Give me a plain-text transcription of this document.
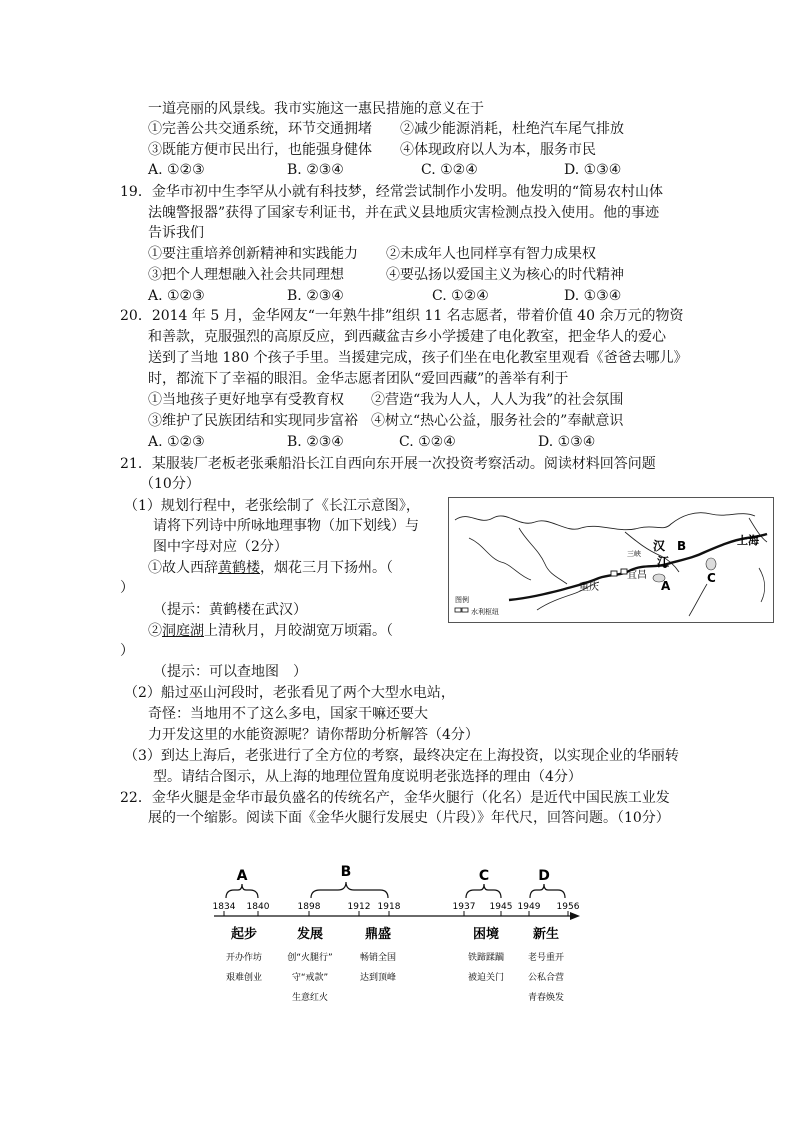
一道亮丽的风景线。我市实施这一惠民措施的意义在于
①完善公共交通系统，环节交通拥堵 ②减少能源消耗，杜绝汽车尾气排放
③既能方便市民出行，也能强身健体 ④体现政府以人为本，服务市民
A. ①②③	B. ②③④	C. ①②④	D. ①③④
19．金华市初中生李罕从小就有科技梦，经常尝试制作小发明。他发明的“简易农村山体
法魄警报器”获得了国家专利证书，并在武义县地质灾害检测点投入使用。他的事迹
告诉我们
①要注重培养创新精神和实践能力 ②未成年人也同样享有智力成果权
③把个人理想融入社会共同理想	④要弘扬以爱国主义为核心的时代精神
A. ①②③	B. ②③④	C. ①②④	D. ①③④
20．2014 年 5 月，金华网友“一年熟牛排”组织 11 名志愿者，带着价值 40 余万元的物资
和善款，克服强烈的高原反应，到西藏盆吉乡小学援建了电化教室，把金华人的爱心
送到了当地 180 个孩子手里。当援建完成，孩子们坐在电化教室里观看《爸爸去哪儿》
时，都流下了幸福的眼泪。金华志愿者团队“爱回西藏”的善举有利于
①当地孩子更好地享有受教育权 ②营造“我为人人，人人为我”的社会氛围
③维护了民族团结和实现同步富裕 ④树立“热心公益，服务社会的”奉献意识
A. ①②③	B. ②③④	C. ①②④	D. ①③④
21．某服装厂老板老张乘船沿长江自西向东开展一次投资考察活动。阅读材料回答问题
（10分）
（1）规划行程中，老张绘制了《长江示意图》，
请将下列诗中所咏地理事物（加下划线）与
图中字母对应（2分）
①故人西辞黄鹤楼，烟花三月下扬州。（
）
（提示：黄鹤楼在武汉）
②洞庭湖上清秋月，月皎湖宽万顷霜。（
）
（提示：可以查地图　）
（2）船过巫山河段时，老张看见了两个大型水电站，
奇怪：当地用不了这么多电，国家干嘛还要大
力开发这里的水能资源呢？请你帮助分析解答（4分）
（3）到达上海后，老张进行了全方位的考察，最终决定在上海投资，以实现企业的华丽转
型。请结合图示，从上海的地理位置角度说明老张选择的理由（4分）
汉
江
三峡
宜昌
重庆
上海
A
B
C
图例
水利枢纽
22．金华火腿是金华市最负盛名的传统名产，金华火腿行（化名）是近代中国民族工业发
展的一个缩影。阅读下面《金华火腿行发展史（片段）》年代尺，回答问题。（10分）
1834 1840	1898	1912 1918	1937 1945 1949 1956
A	B	C	D
起步	发展	鼎盛	困境	新生
开办作坊
艰难创业
创“火腿行”
守“戒款”
生意红火
畅销全国
达到顶峰
铁蹄蹂躏
被迫关门
老号重开
公私合营
青春焕发
